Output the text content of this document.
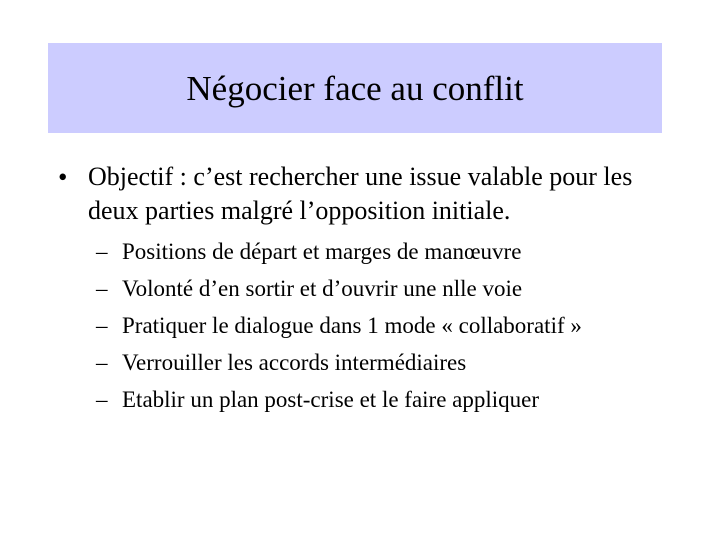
Négocier face au conflit
• Objectif : c’est rechercher une issue valable pour les deux parties malgré l’opposition initiale.
– Positions de départ et marges de manœuvre
– Volonté d’en sortir et d’ouvrir une nlle voie
– Pratiquer le dialogue dans 1 mode « collaboratif »
– Verrouiller les accords intermédiaires
– Etablir un plan post-crise et le faire appliquer
